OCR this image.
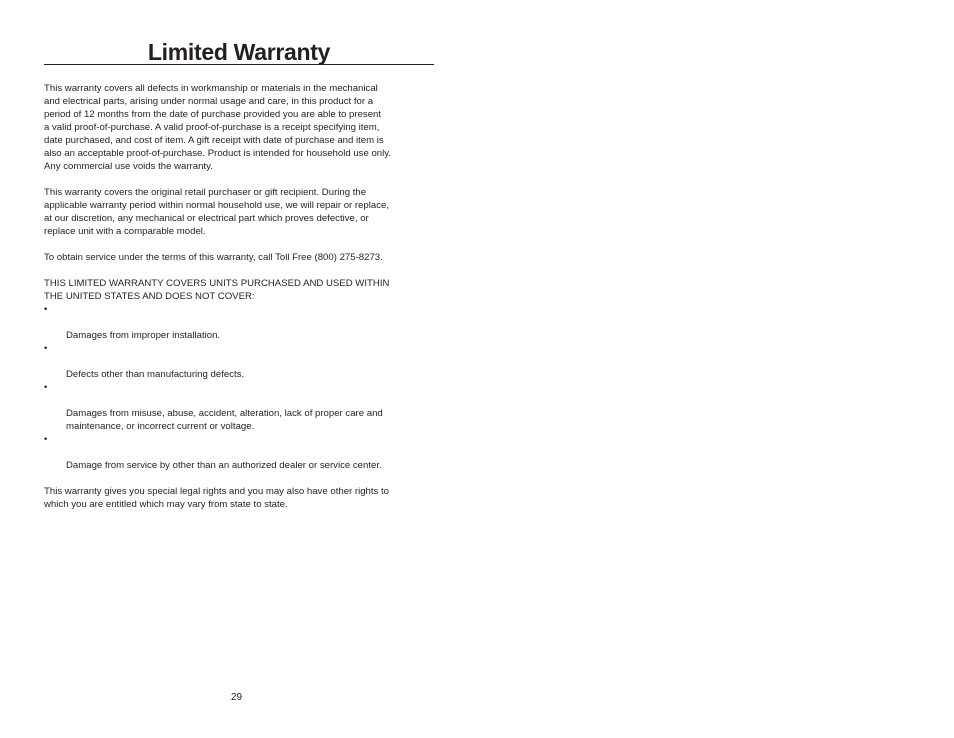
Limited Warranty

This warranty covers all defects in workmanship or materials in the mechanical
and electrical parts, arising under normal usage and care, in this product for a
period of 12 months from the date of purchase provided you are able to present
a valid proof-of-purchase. A valid proof-of-purchase is a receipt specifying item,
date purchased, and cost of item. A gift receipt with date of purchase and item is
also an acceptable proof-of-purchase. Product is intended for household use only.
Any commercial use voids the warranty.

This warranty covers the original retail purchaser or gift recipient. During the
applicable warranty period within normal household use, we will repair or replace,
at our discretion, any mechanical or electrical part which proves defective, or
replace unit with a comparable model.

To obtain service under the terms of this warranty, call Toll Free (800) 275-8273.

THIS LIMITED WARRANTY COVERS UNITS PURCHASED AND USED WITHIN
THE UNITED STATES AND DOES NOT COVER:

•

Damages from improper installation.

•

Defects other than manufacturing defects.

•

Damages from misuse, abuse, accident, alteration, lack of proper care and
maintenance, or incorrect current or voltage.

•

Damage from service by other than an authorized dealer or service center.

This warranty gives you special legal rights and you may also have other rights to
which you are entitled which may vary from state to state.

29
